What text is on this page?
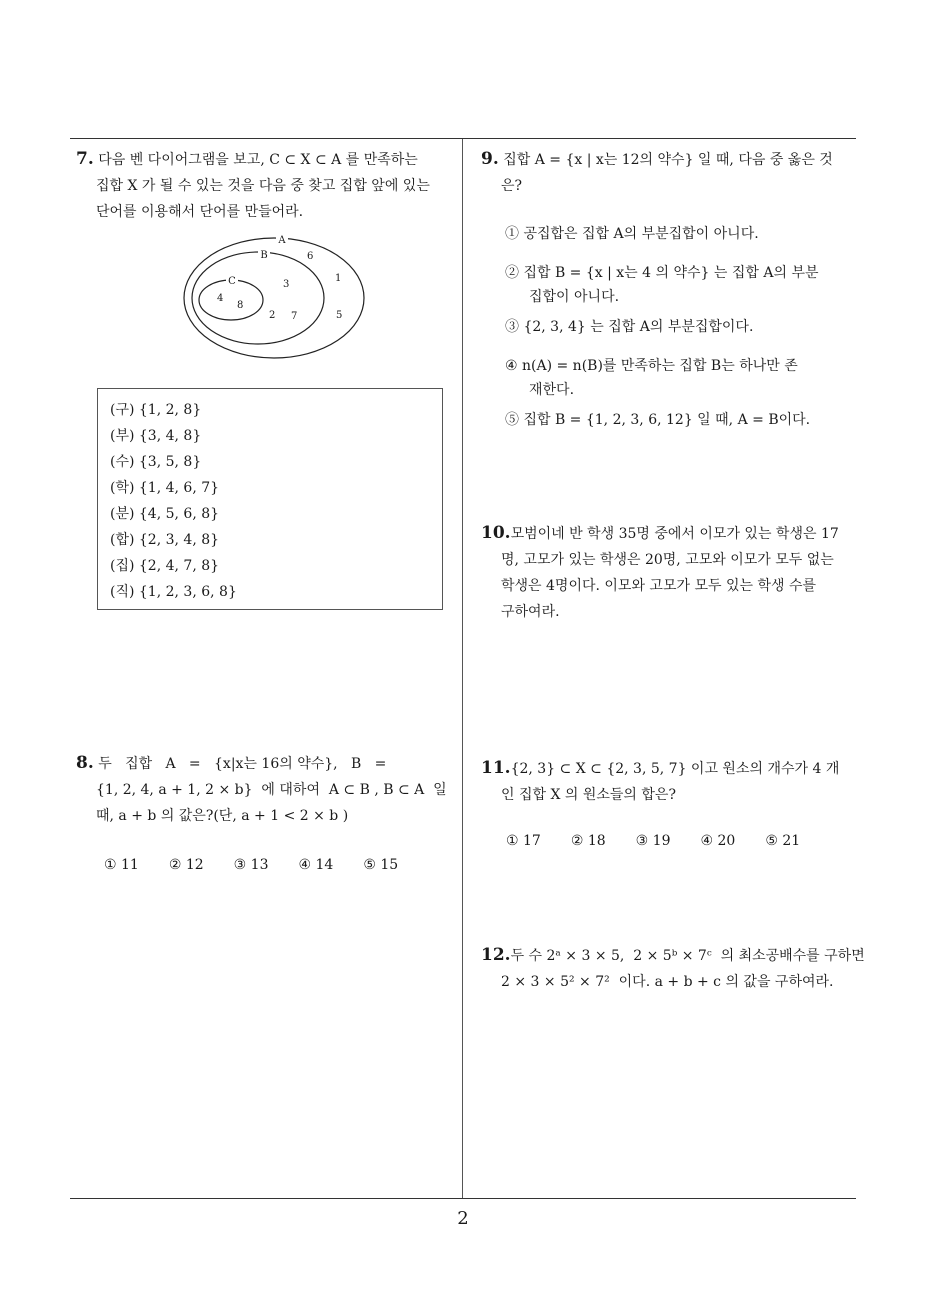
7. 다음 벤 다이어그램을 보고, C ⊂ X ⊂ A 를 만족하는
집합 X 가 될 수 있는 것을 다음 중 찾고 집합 앞에 있는
단어를 이용해서 단어를 만들어라.
A
B
C
6
1
3
4
8
2 7	5
(구) {1, 2, 8}
(부) {3, 4, 8}
(수) {3, 5, 8}
(학) {1, 4, 6, 7}
(분) {4, 5, 6, 8}
(합) {2, 3, 4, 8}
(집) {2, 4, 7, 8}
(직) {1, 2, 3, 6, 8}
8. 두   집합   A   =   {x|x는 16의 약수},   B   =
{1, 2, 4, a + 1, 2 × b}  에 대하여  A ⊂ B , B ⊂ A  일
때, a + b 의 값은?(단, a + 1 < 2 × b )
① 11 ② 12 ③ 13 ④ 14 ⑤ 15
9. 집합 A = {x | x는 12의 약수} 일 때, 다음 중 옳은 것
은?
① 공집합은 집합 A의 부분집합이 아니다.
② 집합 B = {x | x는 4 의 약수} 는 집합 A의 부분
집합이 아니다.
③ {2, 3, 4} 는 집합 A의 부분집합이다.
④ n(A) = n(B)를 만족하는 집합 B는 하나만 존
재한다.
⑤ 집합 B = {1, 2, 3, 6, 12} 일 때, A = B이다.
10.모범이네 반 학생 35명 중에서 이모가 있는 학생은 17
명, 고모가 있는 학생은 20명, 고모와 이모가 모두 없는
학생은 4명이다. 이모와 고모가 모두 있는 학생 수를
구하여라.
11.{2, 3} ⊂ X ⊂ {2, 3, 5, 7} 이고 원소의 개수가 4 개
인 집합 X 의 원소들의 합은?
① 17 ② 18 ③ 19 ④ 20 ⑤ 21
12.두 수 2ᵃ × 3 × 5,  2 × 5ᵇ × 7ᶜ  의 최소공배수를 구하면
2 × 3 × 5² × 7²  이다. a + b + c 의 값을 구하여라.
2
